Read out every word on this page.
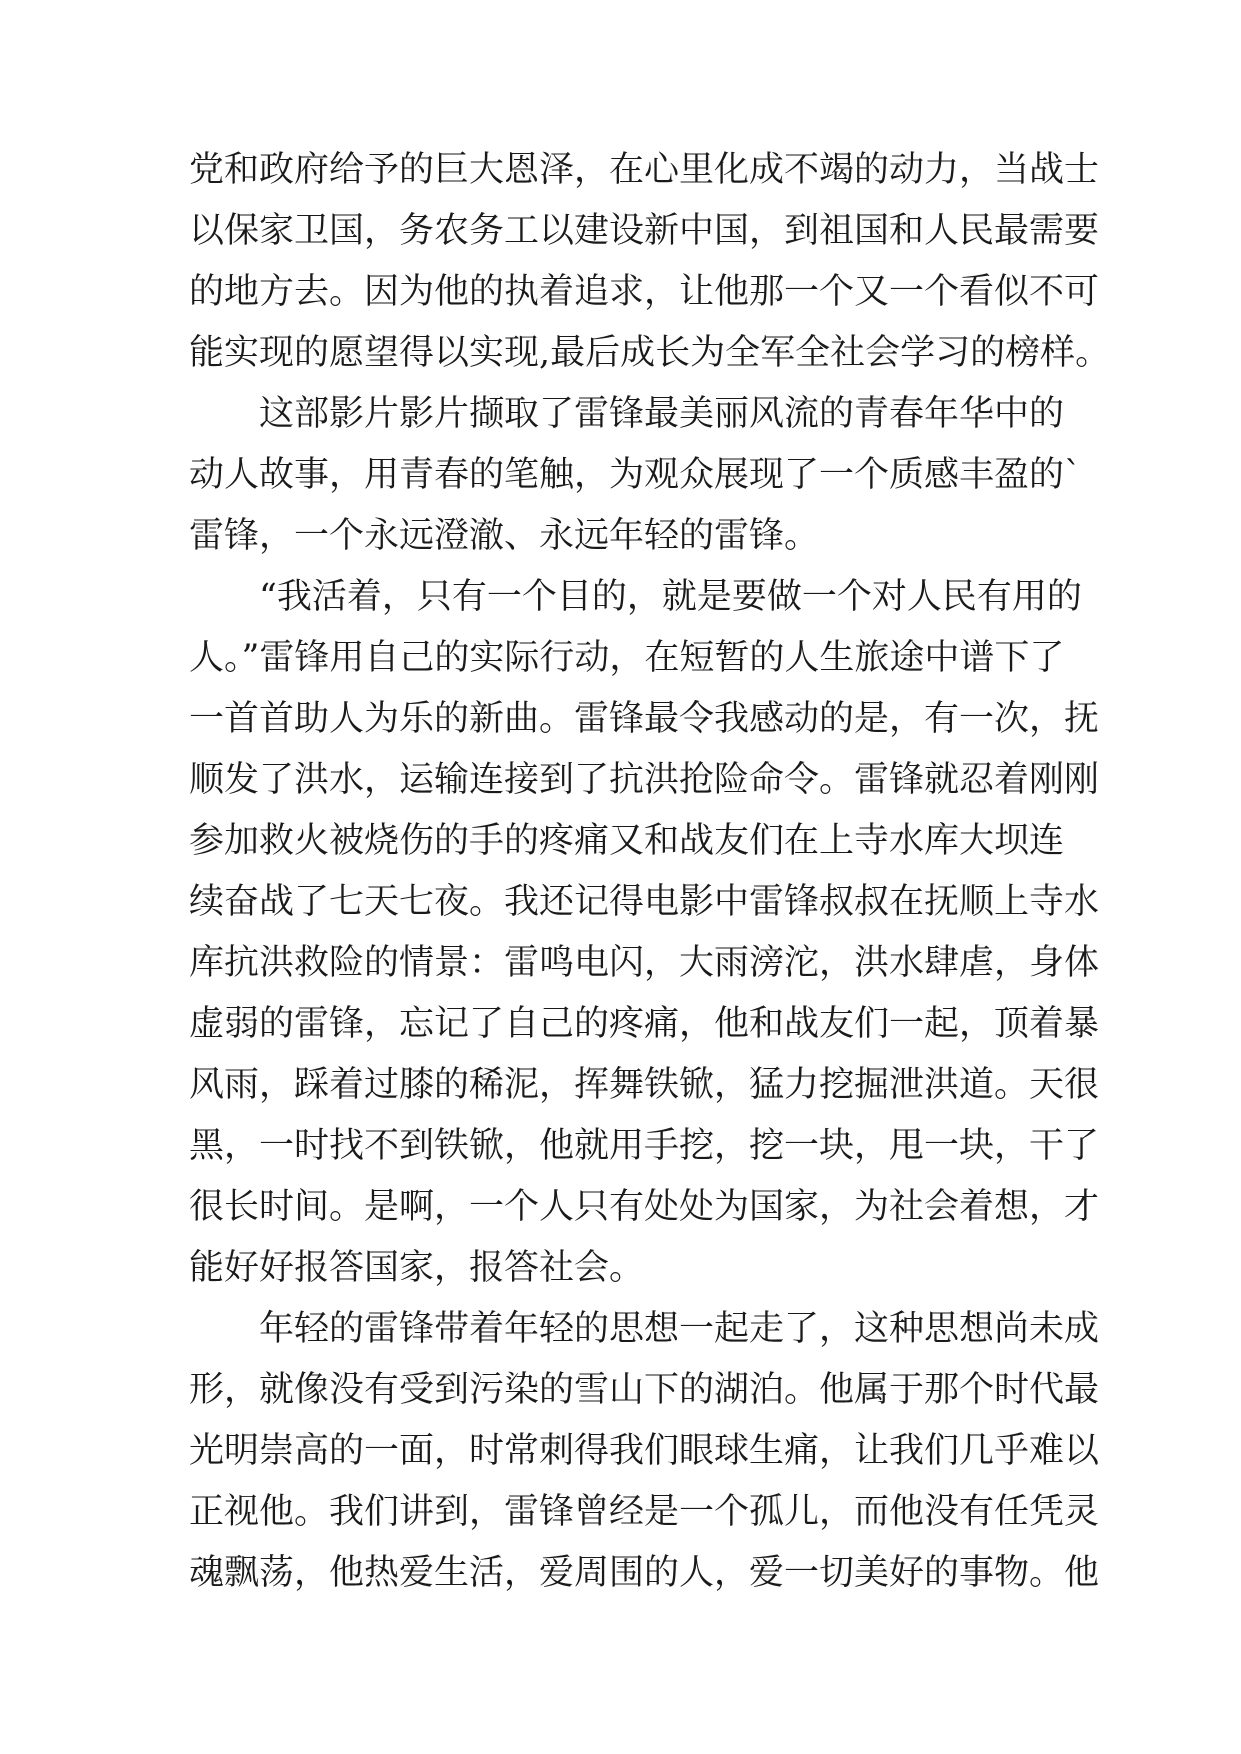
党和政府给予的巨大恩泽，在心里化成不竭的动力，当战士
以保家卫国，务农务工以建设新中国，到祖国和人民最需要
的地方去。因为他的执着追求，让他那一个又一个看似不可
能实现的愿望得以实现,最后成长为全军全社会学习的榜样。
这部影片影片撷取了雷锋最美丽风流的青春年华中的
动人故事，用青春的笔触，为观众展现了一个质感丰盈的`
雷锋，一个永远澄澈、永远年轻的雷锋。
“我活着，只有一个目的，就是要做一个对人民有用的
人。”雷锋用自己的实际行动，在短暂的人生旅途中谱下了
一首首助人为乐的新曲。雷锋最令我感动的是，有一次，抚
顺发了洪水，运输连接到了抗洪抢险命令。雷锋就忍着刚刚
参加救火被烧伤的手的疼痛又和战友们在上寺水库大坝连
续奋战了七天七夜。我还记得电影中雷锋叔叔在抚顺上寺水
库抗洪救险的情景：雷鸣电闪，大雨滂沱，洪水肆虐，身体
虚弱的雷锋，忘记了自己的疼痛，他和战友们一起，顶着暴
风雨，踩着过膝的稀泥，挥舞铁锨，猛力挖掘泄洪道。天很
黑，一时找不到铁锨，他就用手挖，挖一块，甩一块，干了
很长时间。是啊，一个人只有处处为国家，为社会着想，才
能好好报答国家，报答社会。
年轻的雷锋带着年轻的思想一起走了，这种思想尚未成
形，就像没有受到污染的雪山下的湖泊。他属于那个时代最
光明崇高的一面，时常刺得我们眼球生痛，让我们几乎难以
正视他。我们讲到，雷锋曾经是一个孤儿，而他没有任凭灵
魂飘荡，他热爱生活，爱周围的人，爱一切美好的事物。他
